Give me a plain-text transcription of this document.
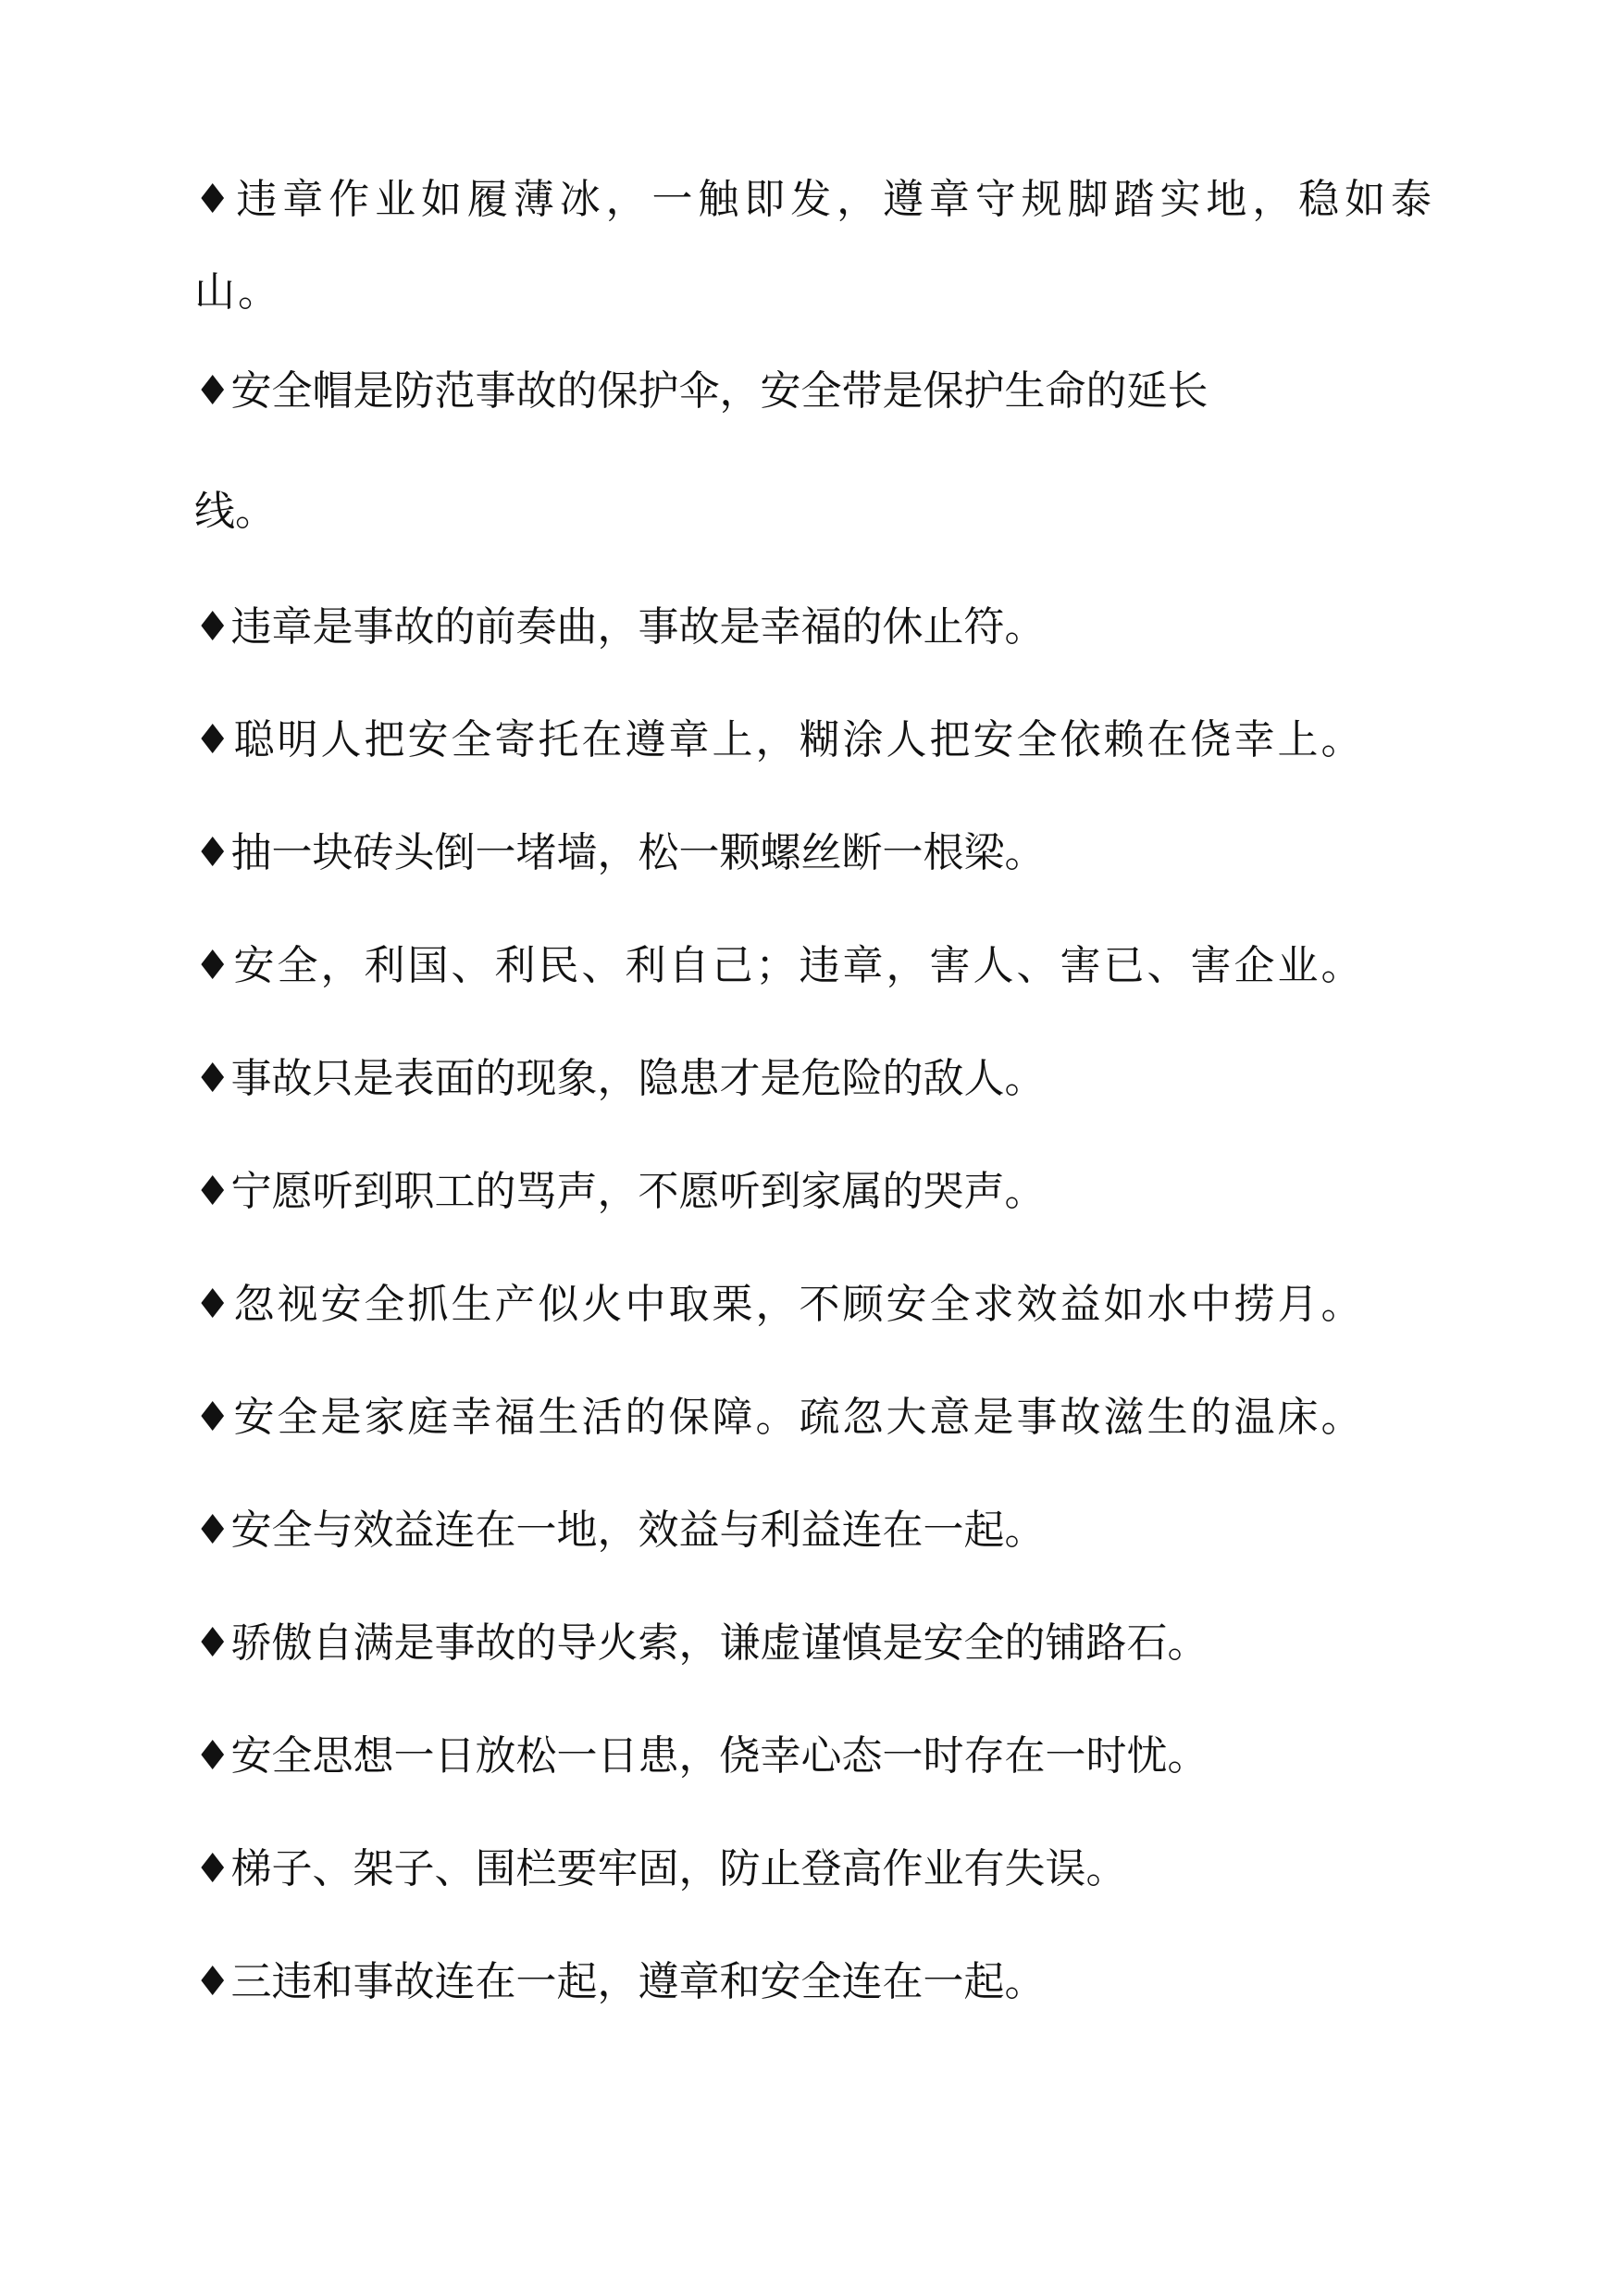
♦违章作业如履薄冰，一触即发，遵章守规脚踏实地，稳如泰山。

♦安全帽是防范事故的保护伞，安全带是保护生命的延长

线。

♦违章是事故的前奏曲，事故是幸福的休止符。

♦聪明人把安全寄托在遵章上，糊涂人把安全依赖在侥幸上。

♦抽一块砖头倒一堵墙，松一颗螺丝断一根梁。

♦安全，利国、利民、利自己；违章，害人、害已、害企业。

♦事故只是表面的现象，隐患才是危险的敌人。

♦宁愿听到职工的骂声，不愿听到家属的哭声。

♦忽视安全抓生产似火中取栗，不顾安全求效益如水中捞月。

♦安全是家庭幸福生活的保障。疏忽大意是事故滋生的温床。

♦安全与效益连在一地，效益与利益连在一起。

♦骄傲自满是事故的导火索，谦虚谨慎是安全的铺路石。

♦安全思想一日放松一日患，侥幸心态一时存在一时忧。

♦梯子、架子、围栏要牢固，防止登高作业有失误。

♦三违和事故连在一起，遵章和安全连在一起。
